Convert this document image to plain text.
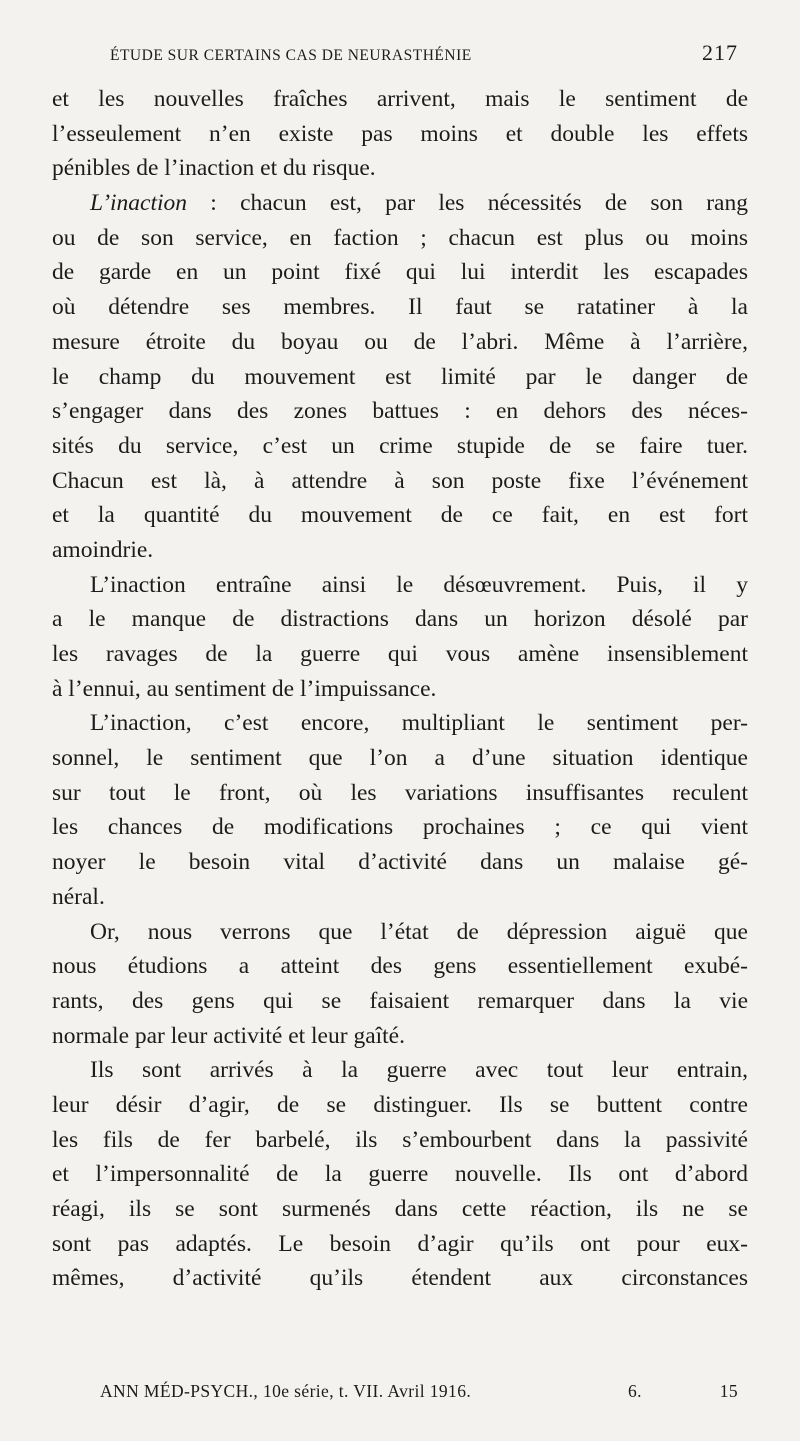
ÉTUDE SUR CERTAINS CAS DE NEURASTHÉNIE	217
et les nouvelles fraîches arrivent, mais le sentiment de
l’esseulement n’en existe pas moins et double les effets
pénibles de l’inaction et du risque.
L’inaction : chacun est, par les nécessités de son rang
ou de son service, en faction ; chacun est plus ou moins
de garde en un point fixé qui lui interdit les escapades
où détendre ses membres. Il faut se ratatiner à la
mesure étroite du boyau ou de l’abri. Même à l’arrière,
le champ du mouvement est limité par le danger de
s’engager dans des zones battues : en dehors des néces-
sités du service, c’est un crime stupide de se faire tuer.
Chacun est là, à attendre à son poste fixe l’événement
et la quantité du mouvement de ce fait, en est fort
amoindrie.
L’inaction entraîne ainsi le désœuvrement. Puis, il y
a le manque de distractions dans un horizon désolé par
les ravages de la guerre qui vous amène insensiblement
à l’ennui, au sentiment de l’impuissance.
L’inaction, c’est encore, multipliant le sentiment per-
sonnel, le sentiment que l’on a d’une situation identique
sur tout le front, où les variations insuffisantes reculent
les chances de modifications prochaines ; ce qui vient
noyer le besoin vital d’activité dans un malaise gé-
néral.
Or, nous verrons que l’état de dépression aiguë que
nous étudions a atteint des gens essentiellement exubé-
rants, des gens qui se faisaient remarquer dans la vie
normale par leur activité et leur gaîté.
Ils sont arrivés à la guerre avec tout leur entrain,
leur désir d’agir, de se distinguer. Ils se buttent contre
les fils de fer barbelé, ils s’embourbent dans la passivité
et l’impersonnalité de la guerre nouvelle. Ils ont d’abord
réagi, ils se sont surmenés dans cette réaction, ils ne se
sont pas adaptés. Le besoin d’agir qu’ils ont pour eux-
mêmes, d’activité qu’ils étendent aux circonstances
ANN MÉD-PSYCH., 10e série, t. VII. Avril 1916.	6.	15
